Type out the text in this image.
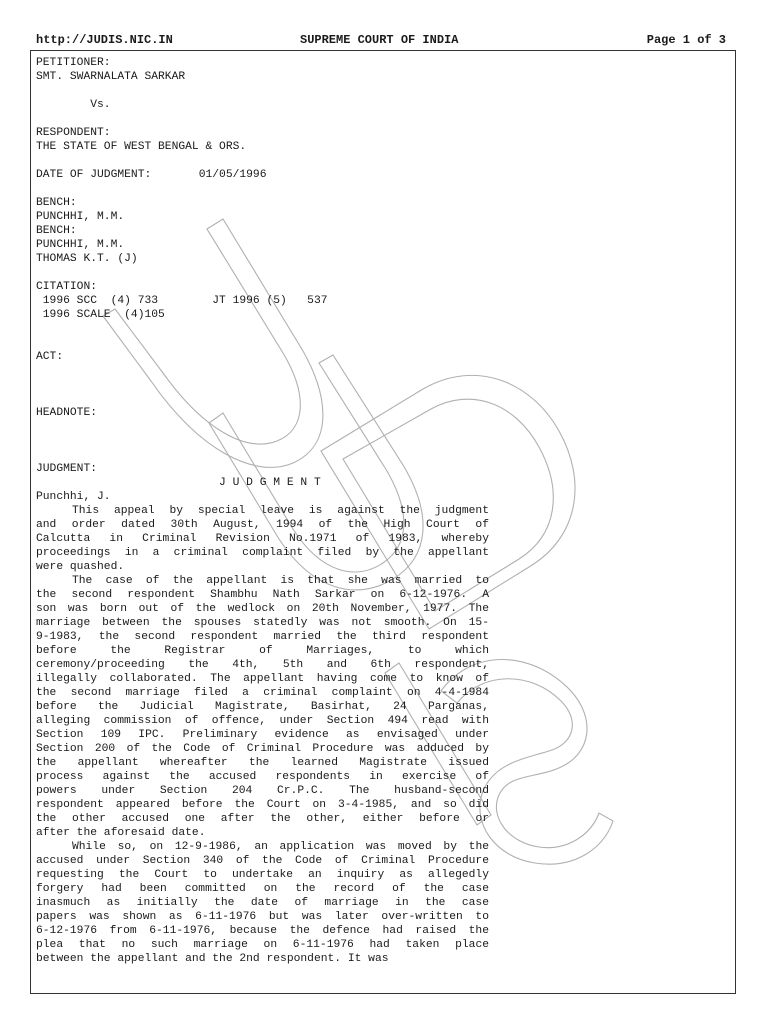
http://JUDIS.NIC.IN	SUPREME COURT OF INDIA	Page 1 of 3
PETITIONER:
SMT. SWARNALATA SARKAR
Vs.
RESPONDENT:
THE STATE OF WEST BENGAL & ORS.
DATE OF JUDGMENT:       01/05/1996
BENCH:
PUNCHHI, M.M.
BENCH:
PUNCHHI, M.M.
THOMAS K.T. (J)
CITATION:
1996 SCC  (4) 733        JT 1996 (5)   537
1996 SCALE  (4)105
ACT:
HEADNOTE:
JUDGMENT:
J U D G M E N T
Punchhi, J.
This appeal by special leave is against the judgment
and order dated 30th August, 1994 of the High Court of
Calcutta in Criminal Revision No.1971 of 1983, whereby
proceedings in a criminal complaint filed by the appellant
were quashed.
The case of the appellant is that she was married to
the second respondent Shambhu Nath Sarkar on 6-12-1976. A
son was born out of the wedlock on 20th November, 1977. The
marriage between the spouses statedly was not smooth. On 15-
9-1983, the second respondent married the third respondent
before the Registrar of Marriages, to which
ceremony/proceeding the 4th, 5th and 6th respondent,
illegally collaborated. The appellant having come to know of
the second marriage filed a criminal complaint on 4-4-1984
before the Judicial Magistrate, Basirhat, 24 Parganas,
alleging commission of offence, under Section 494 read with
Section 109 IPC. Preliminary evidence as envisaged under
Section 200 of the Code of Criminal Procedure was adduced by
the appellant whereafter the learned Magistrate issued
process against the accused respondents in exercise of
powers under Section 204 Cr.P.C. The husband-second
respondent appeared before the Court on 3-4-1985, and so did
the other accused one after the other, either before or
after the aforesaid date.
While so, on 12-9-1986, an application was moved by the
accused under Section 340 of the Code of Criminal Procedure
requesting the Court to undertake an inquiry as allegedly
forgery had been committed on the record of the case
inasmuch as initially the date of marriage in the case
papers was shown as 6-11-1976 but was later over-written to
6-12-1976 from 6-11-1976, because the defence had raised the
plea that no such marriage on 6-11-1976 had taken place
between the appellant and the 2nd respondent. It was
